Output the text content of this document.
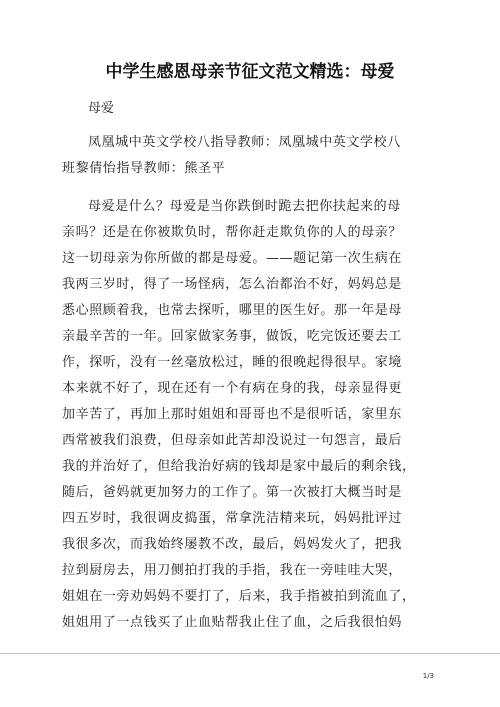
中学生感恩母亲节征文范文精选：母爱
母爱
凤凰城中英文学校八指导教师：凤凰城中英文学校八
班黎倩怡指导教师：熊圣平
母爱是什么？母爱是当你跌倒时跪去把你扶起来的母
亲吗？还是在你被欺负时，帮你赶走欺负你的人的母亲？
这一切母亲为你所做的都是母爱。——题记第一次生病在
我两三岁时，得了一场怪病，怎么治都治不好，妈妈总是
悉心照顾着我，也常去探听，哪里的医生好。那一年是母
亲最辛苦的一年。回家做家务事，做饭，吃完饭还要去工
作，探听，没有一丝毫放松过，睡的很晚起得很早。家境
本来就不好了，现在还有一个有病在身的我，母亲显得更
加辛苦了，再加上那时姐姐和哥哥也不是很听话，家里东
西常被我们浪费，但母亲如此苦却没说过一句怨言，最后
我的并治好了，但给我治好病的钱却是家中最后的剩余钱，
随后，爸妈就更加努力的工作了。第一次被打大概当时是
四五岁时，我很调皮捣蛋，常拿洗洁精来玩，妈妈批评过
我很多次，而我始终屡教不改，最后，妈妈发火了，把我
拉到厨房去，用刀侧拍打我的手指，我在一旁哇哇大哭，
姐姐在一旁劝妈妈不要打了，后来，我手指被拍到流血了，
姐姐用了一点钱买了止血贴帮我止住了血，之后我很怕妈
1/3
